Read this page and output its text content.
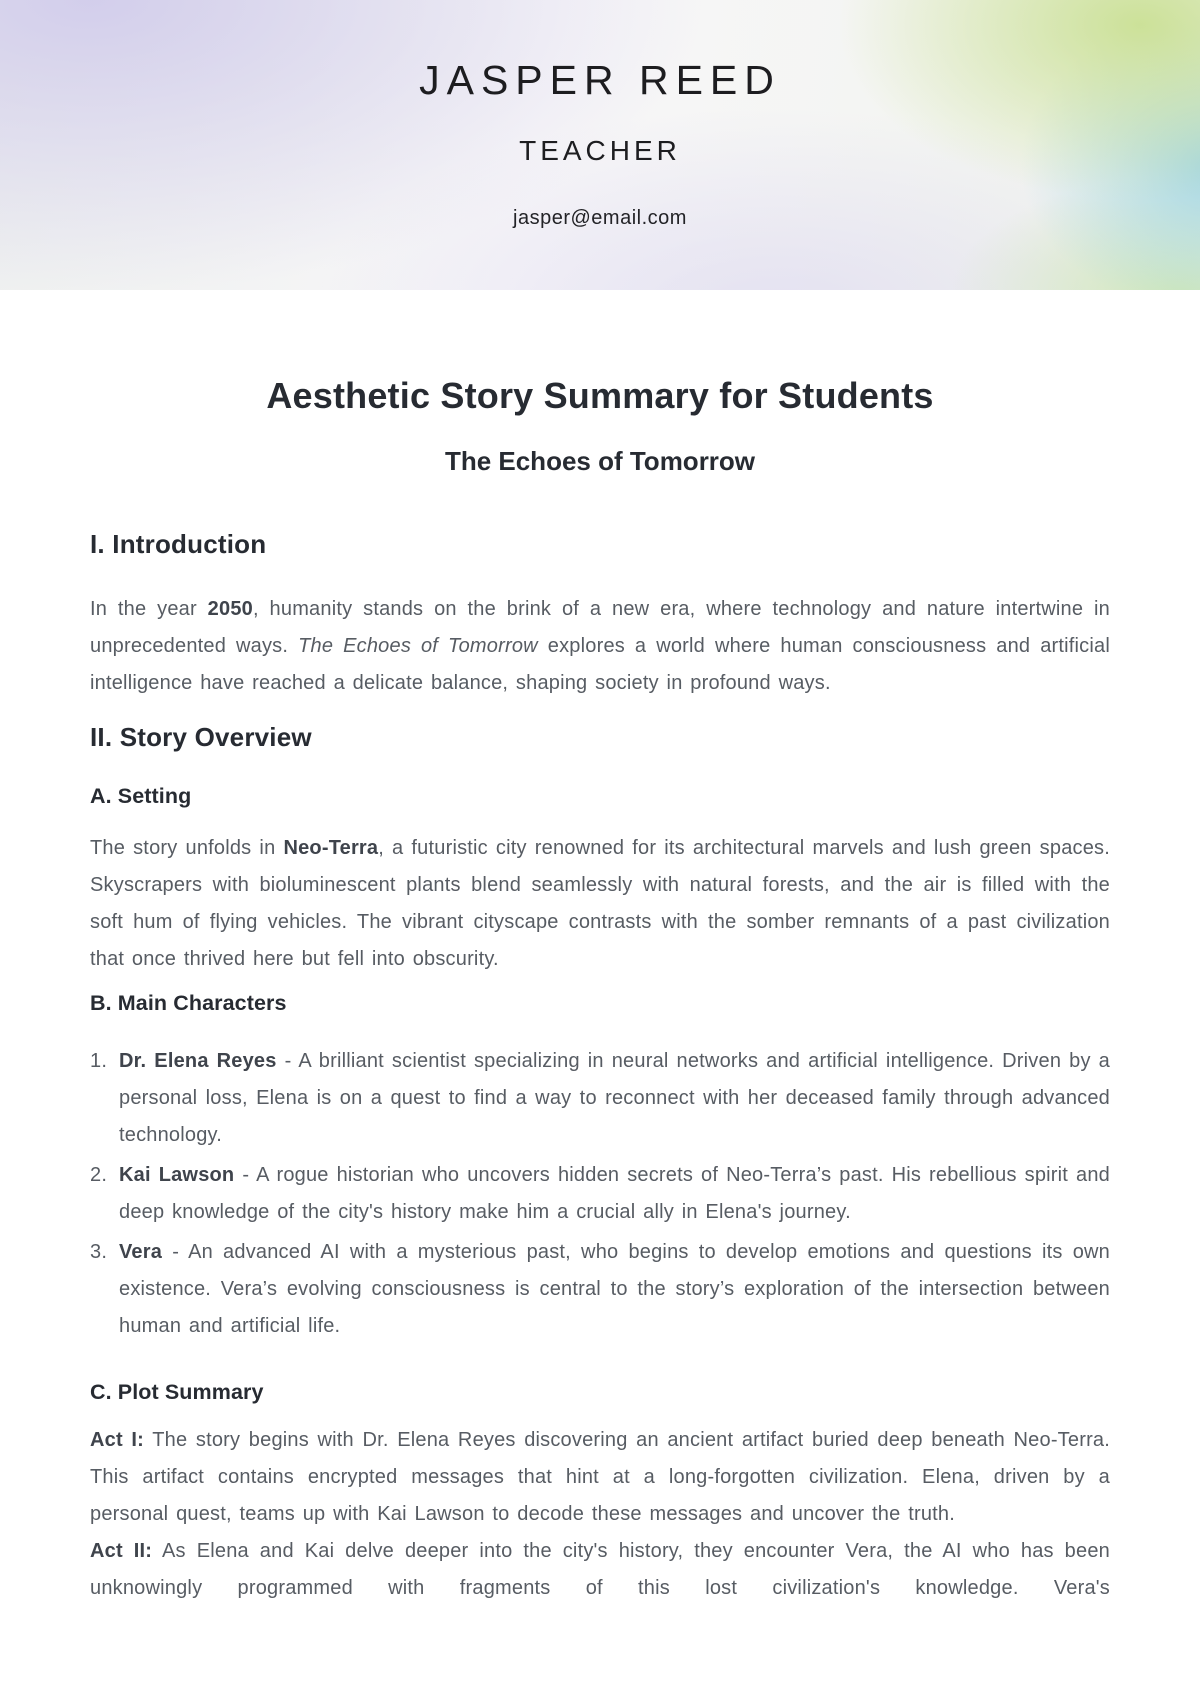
JASPER REED
TEACHER
jasper@email.com
Aesthetic Story Summary for Students
The Echoes of Tomorrow
I. Introduction

In the year 2050, humanity stands on the brink of a new era, where technology and nature intertwine in unprecedented ways. The Echoes of Tomorrow explores a world where human consciousness and artificial intelligence have reached a delicate balance, shaping society in profound ways.

II. Story Overview
A. Setting

The story unfolds in Neo-Terra, a futuristic city renowned for its architectural marvels and lush green spaces. Skyscrapers with bioluminescent plants blend seamlessly with natural forests, and the air is filled with the soft hum of flying vehicles. The vibrant cityscape contrasts with the somber remnants of a past civilization that once thrived here but fell into obscurity.

B. Main Characters
1. Dr. Elena Reyes - A brilliant scientist specializing in neural networks and artificial intelligence. Driven by a personal loss, Elena is on a quest to find a way to reconnect with her deceased family through advanced technology.
2. Kai Lawson - A rogue historian who uncovers hidden secrets of Neo-Terra’s past. His rebellious spirit and deep knowledge of the city's history make him a crucial ally in Elena's journey.
3. Vera - An advanced AI with a mysterious past, who begins to develop emotions and questions its own existence. Vera’s evolving consciousness is central to the story’s exploration of the intersection between human and artificial life.
C. Plot Summary

Act I: The story begins with Dr. Elena Reyes discovering an ancient artifact buried deep beneath Neo-Terra. This artifact contains encrypted messages that hint at a long-forgotten civilization. Elena, driven by a personal quest, teams up with Kai Lawson to decode these messages and uncover the truth.

Act II: As Elena and Kai delve deeper into the city's history, they encounter Vera, the AI who has been unknowingly programmed with fragments of this lost civilization's knowledge. Vera's
